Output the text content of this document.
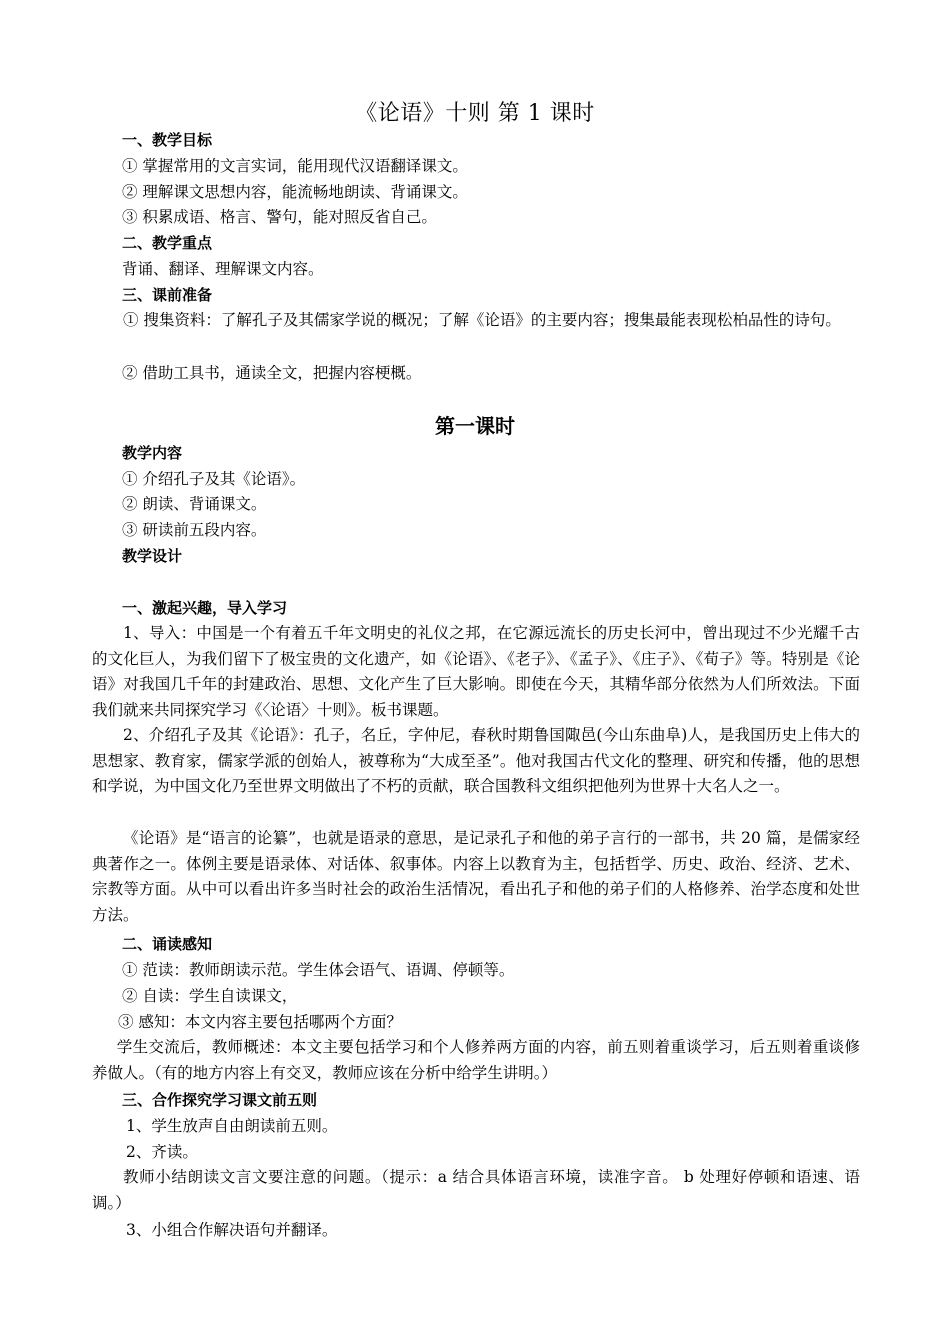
《论语》十则 第 1 课时
一、教学目标
① 掌握常用的文言实词，能用现代汉语翻译课文。
② 理解课文思想内容，能流畅地朗读、背诵课文。
③ 积累成语、格言、警句，能对照反省自己。
二、教学重点
背诵、翻译、理解课文内容。
三、课前准备
① 搜集资料：了解孔子及其儒家学说的概况；了解《论语》的主要内容；搜集最能表现松柏品性的诗句。
② 借助工具书，通读全文，把握内容梗概。
第一课时
教学内容
① 介绍孔子及其《论语》。
② 朗读、背诵课文。
③ 研读前五段内容。
教学设计
一、激起兴趣，导入学习
1、导入：中国是一个有着五千年文明史的礼仪之邦，在它源远流长的历史长河中，曾出现过不少光耀千古的文化巨人，为我们留下了极宝贵的文化遗产，如《论语》、《老子》、《孟子》、《庄子》、《荀子》等。特别是《论语》对我国几千年的封建政治、思想、文化产生了巨大影响。即使在今天，其精华部分依然为人们所效法。下面我们就来共同探究学习《〈论语〉十则》。板书课题。
2、介绍孔子及其《论语》：孔子，名丘，字仲尼，春秋时期鲁国陬邑(今山东曲阜)人，是我国历史上伟大的思想家、教育家，儒家学派的创始人，被尊称为“大成至圣”。他对我国古代文化的整理、研究和传播，他的思想和学说，为中国文化乃至世界文明做出了不朽的贡献，联合国教科文组织把他列为世界十大名人之一。
《论语》是“语言的论纂”，也就是语录的意思，是记录孔子和他的弟子言行的一部书，共 20 篇，是儒家经典著作之一。体例主要是语录体、对话体、叙事体。内容上以教育为主，包括哲学、历史、政治、经济、艺术、宗教等方面。从中可以看出许多当时社会的政治生活情况，看出孔子和他的弟子们的人格修养、治学态度和处世方法。
二、诵读感知
① 范读：教师朗读示范。学生体会语气、语调、停顿等。
② 自读：学生自读课文，
③ 感知：本文内容主要包括哪两个方面？
学生交流后，教师概述：本文主要包括学习和个人修养两方面的内容，前五则着重谈学习，后五则着重谈修养做人。（有的地方内容上有交叉，教师应该在分析中给学生讲明。）
三、合作探究学习课文前五则
1、学生放声自由朗读前五则。
2、齐读。
教师小结朗读文言文要注意的问题。（提示：a 结合具体语言环境，读准字音。 b 处理好停顿和语速、语调。）
3、小组合作解决语句并翻译。
